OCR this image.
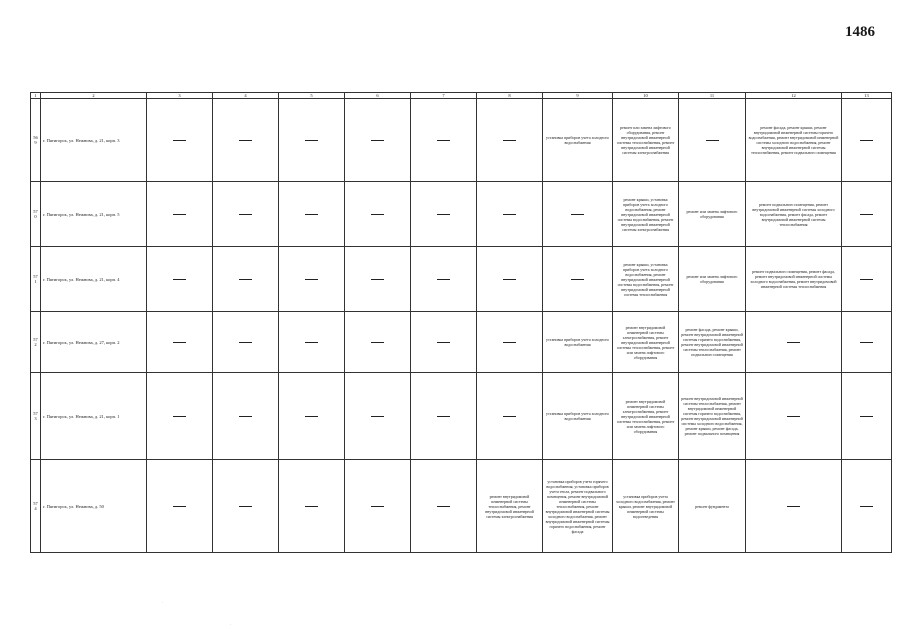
1486
1	2	3	4	5	6	7	8	9	10	11	12	13
569	г. Пятигорск, ул. Нежнова, д. 21, корп. 3							установка приборов учета холодного водоснабжения	ремонт или замена лифтового оборудования, ремонт внутридомовой инженерной системы теплоснабжения, ремонт внутридомовой инженерной системы электроснабжения		ремонт фасада, ремонт крыши, ремонт внутридомовой инженерной системы горячего водоснабжения, ремонт внутридомовой инженерной системы холодного водоснабжения, ремонт внутридомовой инженерной системы теплоснабжения, ремонт подвального помещения	
570	г. Пятигорск, ул. Нежнова, д. 21, корп. 5								ремонт крыши, установка приборов учета холодного водоснабжения, ремонт внутридомовой инженерной системы водоснабжения, ремонт внутридомовой инженерной системы электроснабжения	ремонт или замена лифтового оборудования	ремонт подвального помещения, ремонт внутридомовой инженерной системы холодного водоснабжения, ремонт фасада, ремонт внутридомовой инженерной системы теплоснабжения	
571	г. Пятигорск, ул. Нежнова, д. 21, корп. 4								ремонт крыши, установка приборов учета холодного водоснабжения, ремонт внутридомовой инженерной системы водоснабжения, ремонт внутридомовой инженерной системы теплоснабжения	ремонт или замена лифтового оборудования	ремонт подвального помещения, ремонт фасада, ремонт внутридомовой инженерной системы холодного водоснабжения, ремонт внутридомовой инженерной системы теплоснабжения	
572	г. Пятигорск, ул. Нежнова, д. 27, корп. 2							установка приборов учета холодного водоснабжения	ремонт внутридомовой инженерной системы электроснабжения, ремонт внутридомовой инженерной системы теплоснабжения, ремонт или замена лифтового оборудования	ремонт фасада, ремонт крыши, ремонт внутридомовой инженерной системы горячего водоснабжения, ремонт внутридомовой инженерной системы теплоснабжения, ремонт подвального помещения		
573	г. Пятигорск, ул. Нежнова, д. 21, корп. 1							установка приборов учета холодного водоснабжения	ремонт внутридомовой инженерной системы электроснабжения, ремонт внутридомовой инженерной системы теплоснабжения, ремонт или замена лифтового оборудования	ремонт внутридомовой инженерной системы теплоснабжения, ремонт внутридомовой инженерной системы горячего водоснабжения, ремонт внутридомовой инженерной системы холодного водоснабжения, ремонт крыши, ремонт фасада, ремонт подвального помещения		
574	г. Пятигорск, ул. Нежнова, д. 50						ремонт внутридомовой инженерной системы теплоснабжения, ремонт внутридомовой инженерной системы электроснабжения	установка приборов учета горячего водоснабжения, установка приборов учета тепла, ремонт подвального помещения, ремонт внутридомовой инженерной системы теплоснабжения, ремонт внутридомовой инженерной системы холодного водоснабжения, ремонт внутридомовой инженерной системы горячего водоснабжения, ремонт фасада	установка приборов учета холодного водоснабжения, ремонт крыши, ремонт внутридомовой инженерной системы водоотведения	ремонт фундамента		
·
·
